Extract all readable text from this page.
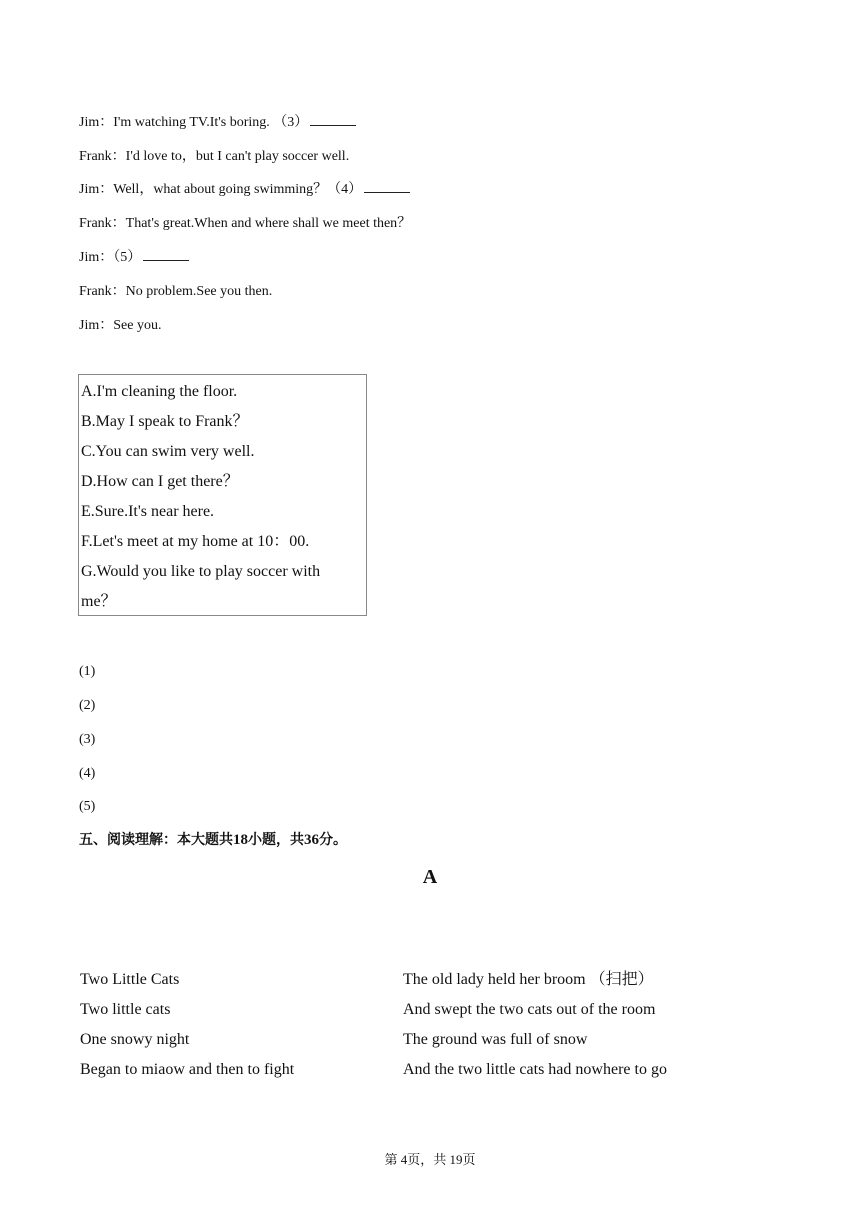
Jim：I'm watching TV.It's boring. （3）
Frank：I'd love to，but I can't play soccer well.
Jim：Well，what about going swimming？（4）
Frank：That's great.When and where shall we meet then？
Jim：（5）
Frank：No problem.See you then.
Jim：See you.
A.I'm cleaning the floor.
B.May I speak to Frank？
C.You can swim very well.
D.How can I get there？
E.Sure.It's near here.
F.Let's meet at my home at 10：00.
G.Would you like to play soccer with
me？
(1)
(2)
(3)
(4)
(5)
五、阅读理解：本大题共18小题，共36分。
A
Two Little Cats
Two little cats
One snowy night
Began to miaow and then to fight
The old lady held her broom （扫把）
And swept the two cats out of the room
The ground was full of snow
And the two little cats had nowhere to go
第 4页，共 19页
